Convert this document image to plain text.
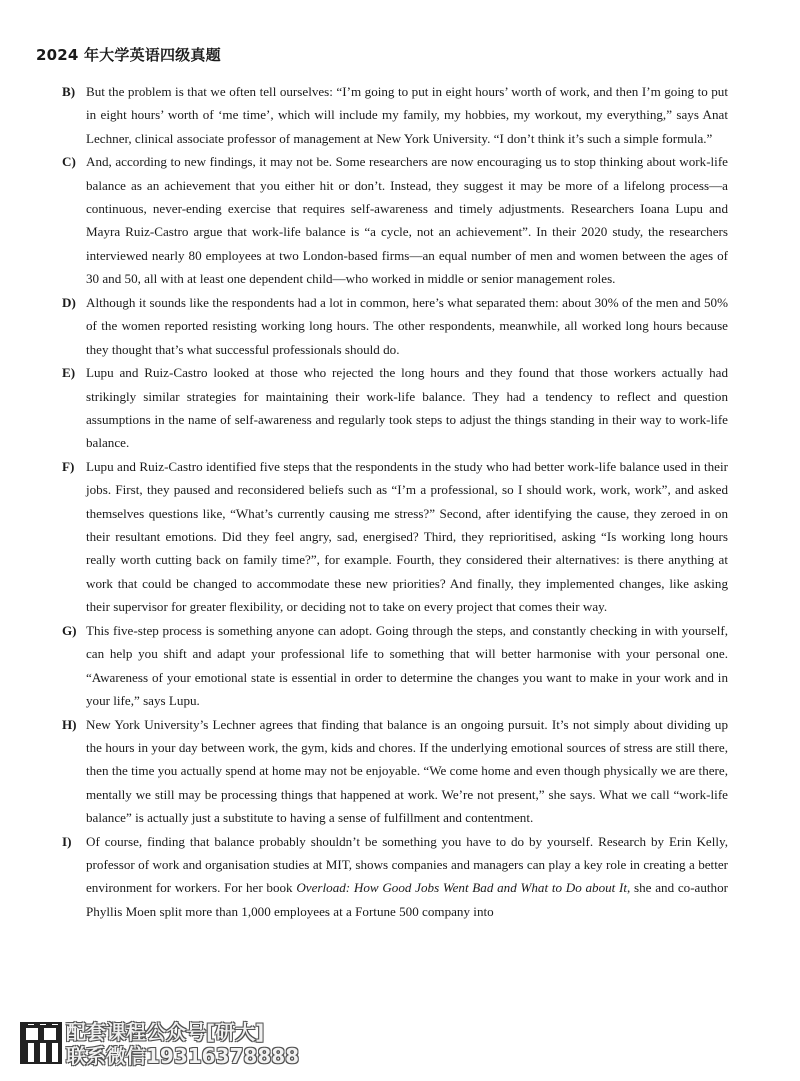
2024 年大学英语四级真题

B) But the problem is that we often tell ourselves: “I’m going to put in eight hours’ worth of work, and then I’m going to put in eight hours’ worth of ‘me time’, which will include my family, my hobbies, my workout, my everything,” says Anat Lechner, clinical associate professor of management at New York University. “I don’t think it’s such a simple formula.”

C) And, according to new findings, it may not be. Some researchers are now encouraging us to stop thinking about work-life balance as an achievement that you either hit or don’t. Instead, they suggest it may be more of a lifelong process—a continuous, never-ending exercise that requires self-awareness and timely adjustments. Researchers Ioana Lupu and Mayra Ruiz-Castro argue that work-life balance is “a cycle, not an achievement”. In their 2020 study, the researchers interviewed nearly 80 employees at two London-based firms—an equal number of men and women between the ages of 30 and 50, all with at least one dependent child—who worked in middle or senior management roles.

D) Although it sounds like the respondents had a lot in common, here’s what separated them: about 30% of the men and 50% of the women reported resisting working long hours. The other respondents, meanwhile, all worked long hours because they thought that’s what successful professionals should do.

E) Lupu and Ruiz-Castro looked at those who rejected the long hours and they found that those workers actually had strikingly similar strategies for maintaining their work-life balance. They had a tendency to reflect and question assumptions in the name of self-awareness and regularly took steps to adjust the things standing in their way to work-life balance.

F) Lupu and Ruiz-Castro identified five steps that the respondents in the study who had better work-life balance used in their jobs. First, they paused and reconsidered beliefs such as “I’m a professional, so I should work, work, work”, and asked themselves questions like, “What’s currently causing me stress?” Second, after identifying the cause, they zeroed in on their resultant emotions. Did they feel angry, sad, energised? Third, they reprioritised, asking “Is working long hours really worth cutting back on family time?”, for example. Fourth, they considered their alternatives: is there anything at work that could be changed to accommodate these new priorities? And finally, they implemented changes, like asking their supervisor for greater flexibility, or deciding not to take on every project that comes their way.

G) This five-step process is something anyone can adopt. Going through the steps, and constantly checking in with yourself, can help you shift and adapt your professional life to something that will better harmonise with your personal one. “Awareness of your emotional state is essential in order to determine the changes you want to make in your work and in your life,” says Lupu.

H) New York University’s Lechner agrees that finding that balance is an ongoing pursuit. It’s not simply about dividing up the hours in your day between work, the gym, kids and chores. If the underlying emotional sources of stress are still there, then the time you actually spend at home may not be enjoyable. “We come home and even though physically we are there, mentally we still may be processing things that happened at work. We’re not present,” she says. What we call “work-life balance” is actually just a substitute to having a sense of fulfillment and contentment.

I) Of course, finding that balance probably shouldn’t be something you have to do by yourself. Research by Erin Kelly, professor of work and organisation studies at MIT, shows companies and managers can play a key role in creating a better environment for workers. For her book Overload: How Good Jobs Went Bad and What to Do about It, she and co-author Phyllis Moen split more than 1,000 employees at a Fortune 500 company into

配套课程公众号[研大]
联系微信19316378888
